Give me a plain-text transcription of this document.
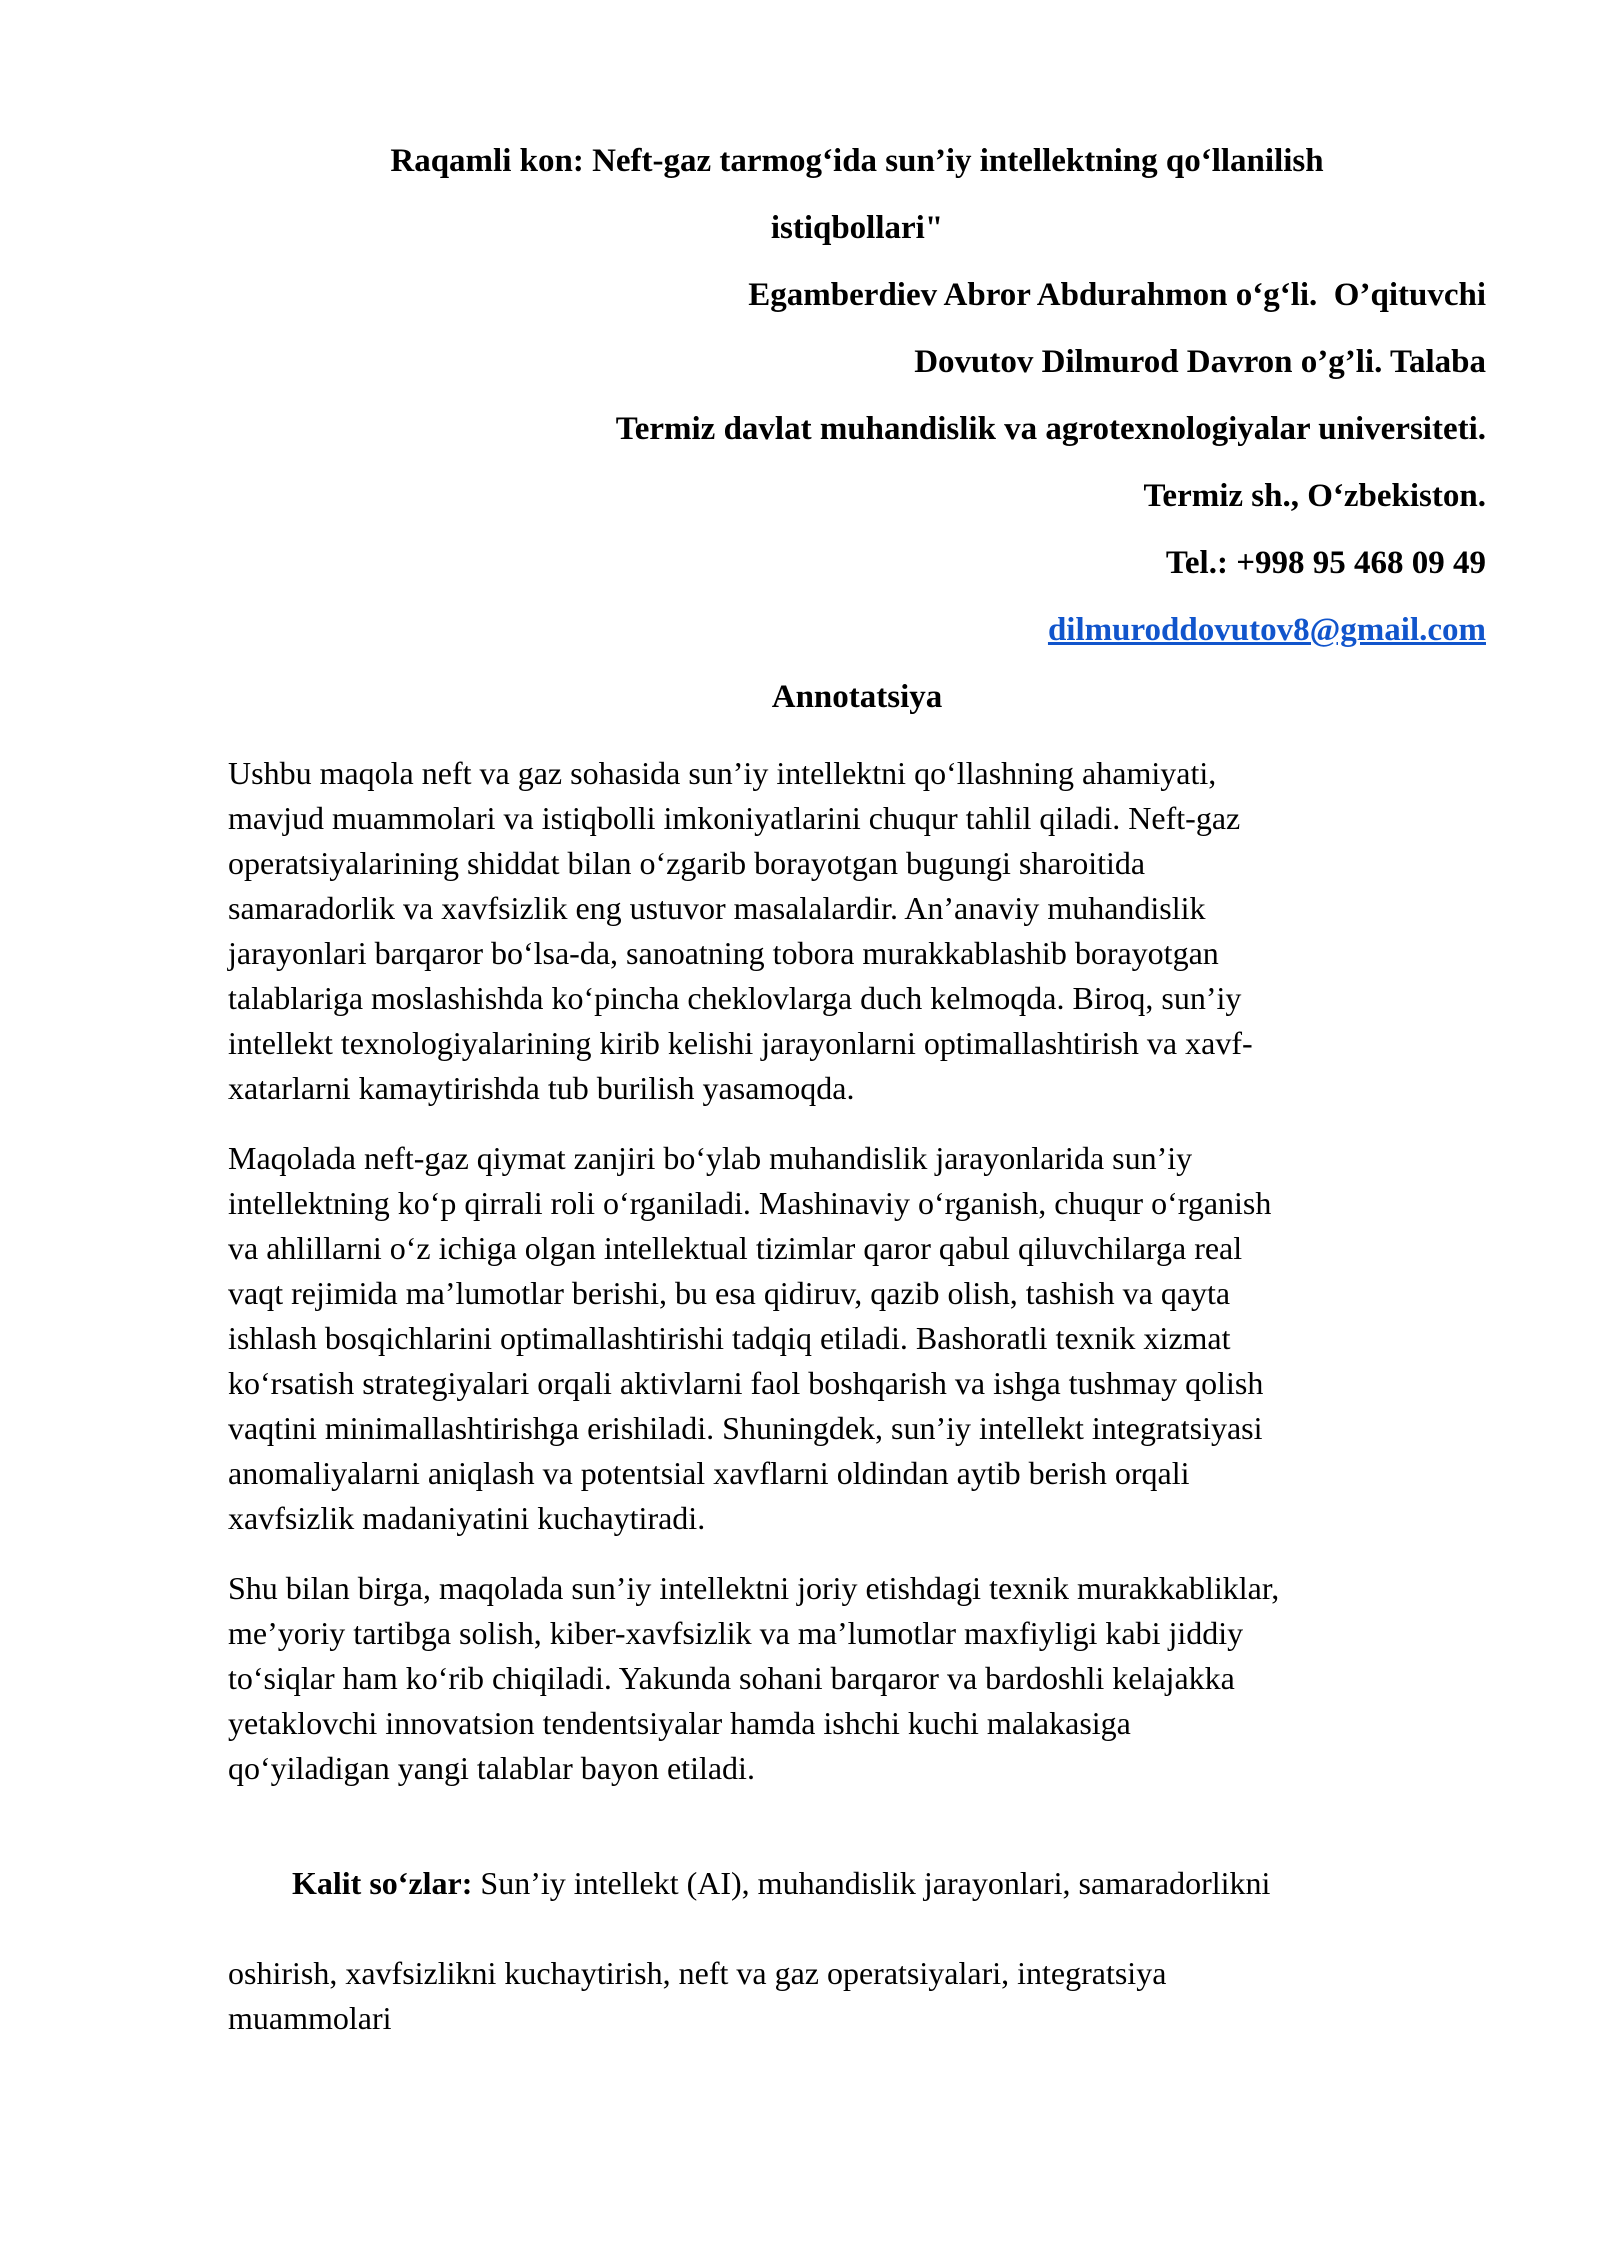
Raqamli kon: Neft-gaz tarmog‘ida sun’iy intellektning qo‘llanilish
istiqbollari"
Egamberdiev Abror Abdurahmon o‘g‘li.  O’qituvchi
Dovutov Dilmurod Davron o’g’li. Talaba
Termiz davlat muhandislik va agrotexnologiyalar universiteti.
Termiz sh., O‘zbekiston.
Tel.: +998 95 468 09 49
dilmuroddovutov8@gmail.com
Annotatsiya
Ushbu maqola neft va gaz sohasida sun’iy intellektni qo‘llashning ahamiyati,
mavjud muammolari va istiqbolli imkoniyatlarini chuqur tahlil qiladi. Neft-gaz
operatsiyalarining shiddat bilan o‘zgarib borayotgan bugungi sharoitida
samaradorlik va xavfsizlik eng ustuvor masalalardir. An’anaviy muhandislik
jarayonlari barqaror bo‘lsa-da, sanoatning tobora murakkablashib borayotgan
talablariga moslashishda ko‘pincha cheklovlarga duch kelmoqda. Biroq, sun’iy
intellekt texnologiyalarining kirib kelishi jarayonlarni optimallashtirish va xavf-
xatarlarni kamaytirishda tub burilish yasamoqda.
Maqolada neft-gaz qiymat zanjiri bo‘ylab muhandislik jarayonlarida sun’iy
intellektning ko‘p qirrali roli o‘rganiladi. Mashinaviy o‘rganish, chuqur o‘rganish
va ahlillarni o‘z ichiga olgan intellektual tizimlar qaror qabul qiluvchilarga real
vaqt rejimida ma’lumotlar berishi, bu esa qidiruv, qazib olish, tashish va qayta
ishlash bosqichlarini optimallashtirishi tadqiq etiladi. Bashoratli texnik xizmat
ko‘rsatish strategiyalari orqali aktivlarni faol boshqarish va ishga tushmay qolish
vaqtini minimallashtirishga erishiladi. Shuningdek, sun’iy intellekt integratsiyasi
anomaliyalarni aniqlash va potentsial xavflarni oldindan aytib berish orqali
xavfsizlik madaniyatini kuchaytiradi.
Shu bilan birga, maqolada sun’iy intellektni joriy etishdagi texnik murakkabliklar,
me’yoriy tartibga solish, kiber-xavfsizlik va ma’lumotlar maxfiyligi kabi jiddiy
to‘siqlar ham ko‘rib chiqiladi. Yakunda sohani barqaror va bardoshli kelajakka
yetaklovchi innovatsion tendentsiyalar hamda ishchi kuchi malakasiga
qo‘yiladigan yangi talablar bayon etiladi.

Kalit so‘zlar: Sun’iy intellekt (AI), muhandislik jarayonlari, samaradorlikni

oshirish, xavfsizlikni kuchaytirish, neft va gaz operatsiyalari, integratsiya
muammolari
